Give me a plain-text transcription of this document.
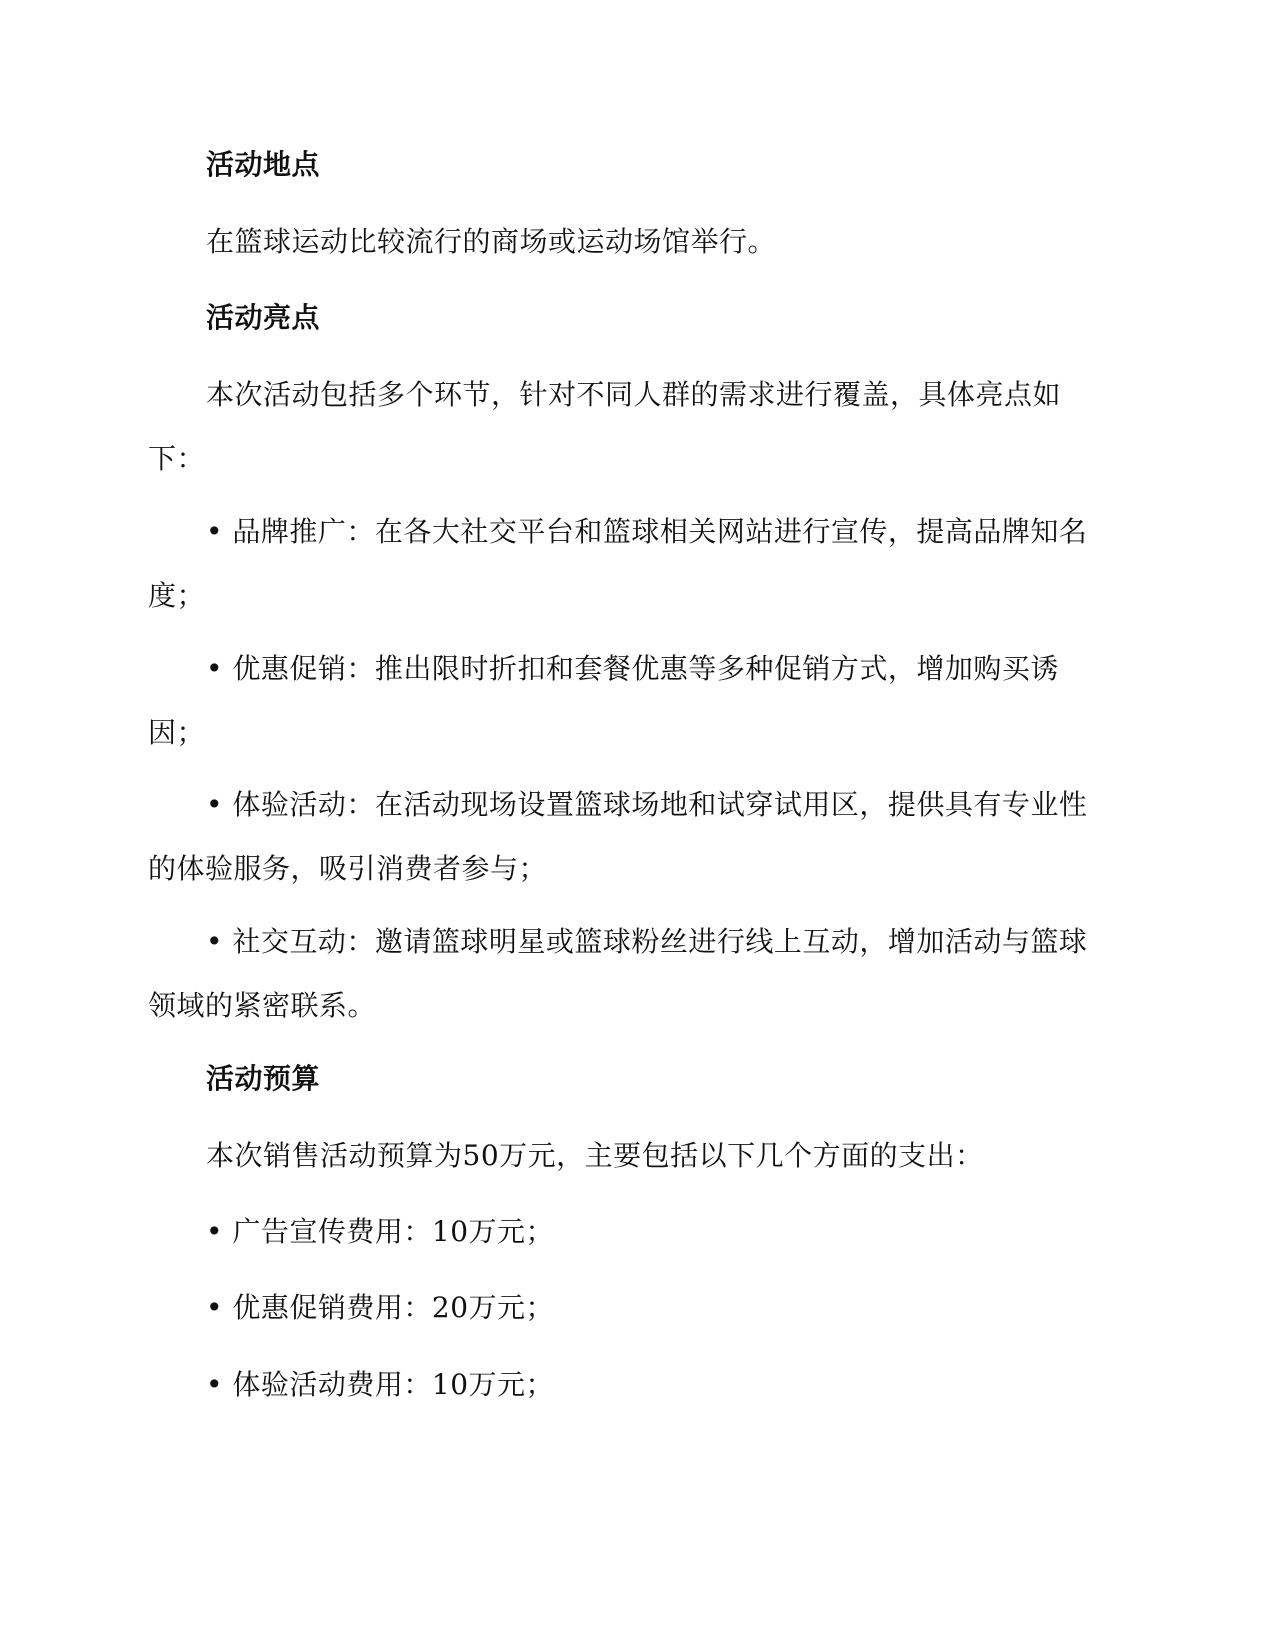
活动地点
在篮球运动比较流行的商场或运动场馆举行。
活动亮点
本次活动包括多个环节，针对不同人群的需求进行覆盖，具体亮点如下：
• 品牌推广：在各大社交平台和篮球相关网站进行宣传，提高品牌知名度；
• 优惠促销：推出限时折扣和套餐优惠等多种促销方式，增加购买诱因；
• 体验活动：在活动现场设置篮球场地和试穿试用区，提供具有专业性的体验服务，吸引消费者参与；
• 社交互动：邀请篮球明星或篮球粉丝进行线上互动，增加活动与篮球领域的紧密联系。
活动预算
本次销售活动预算为50万元，主要包括以下几个方面的支出：
• 广告宣传费用：10万元；
• 优惠促销费用：20万元；
• 体验活动费用：10万元；
